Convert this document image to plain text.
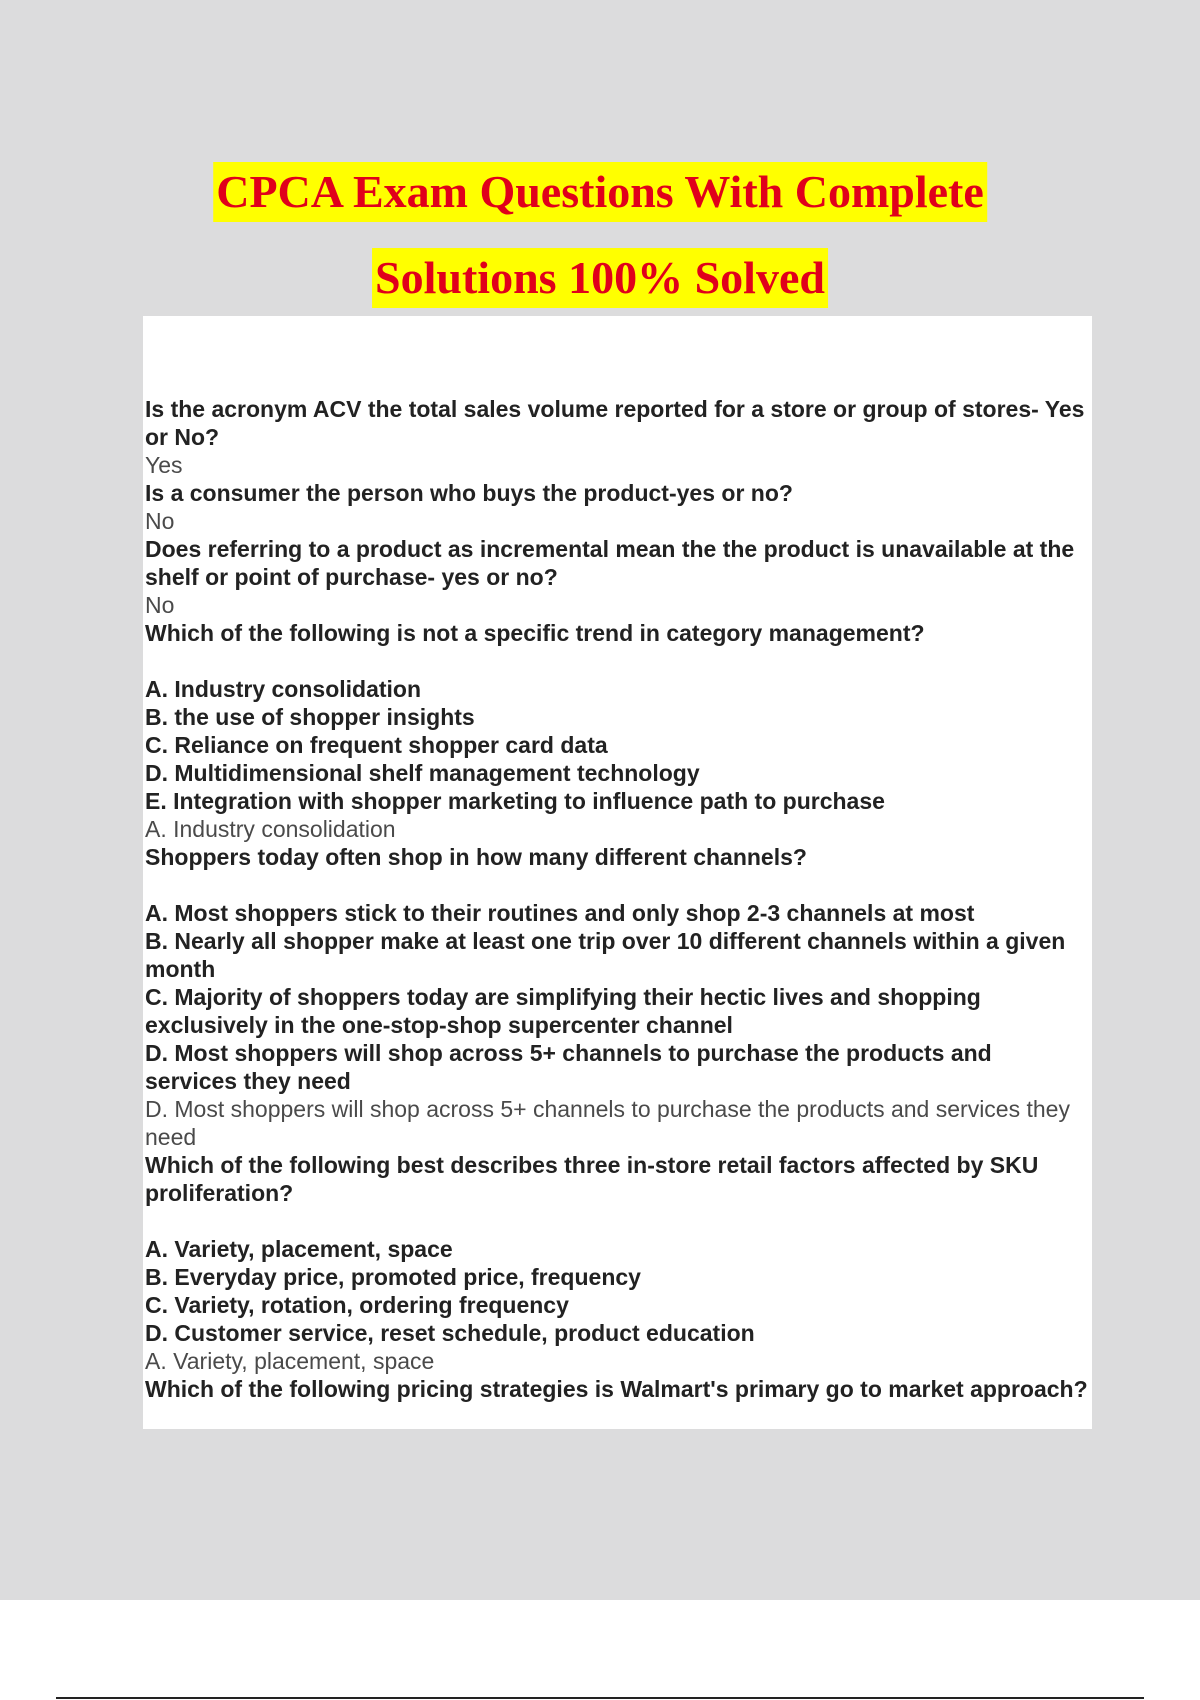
CPCA Exam Questions With Complete
Solutions 100% Solved
Is the acronym ACV the total sales volume reported for a store or group of stores- Yes or No?
Yes
Is a consumer the person who buys the product-yes or no?
No
Does referring to a product as incremental mean the the product is unavailable at the shelf or point of purchase- yes or no?
No
Which of the following is not a specific trend in category management?
A. Industry consolidation
B. the use of shopper insights
C. Reliance on frequent shopper card data
D. Multidimensional shelf management technology
E. Integration with shopper marketing to influence path to purchase
A. Industry consolidation
Shoppers today often shop in how many different channels?
A. Most shoppers stick to their routines and only shop 2-3 channels at most
B. Nearly all shopper make at least one trip over 10 different channels within a given month
C. Majority of shoppers today are simplifying their hectic lives and shopping exclusively in the one-stop-shop supercenter channel
D. Most shoppers will shop across 5+ channels to purchase the products and services they need
D. Most shoppers will shop across 5+ channels to purchase the products and services they need
Which of the following best describes three in-store retail factors affected by SKU proliferation?
A. Variety, placement, space
B. Everyday price, promoted price, frequency
C. Variety, rotation, ordering frequency
D. Customer service, reset schedule, product education
A. Variety, placement, space
Which of the following pricing strategies is Walmart's primary go to market approach?
